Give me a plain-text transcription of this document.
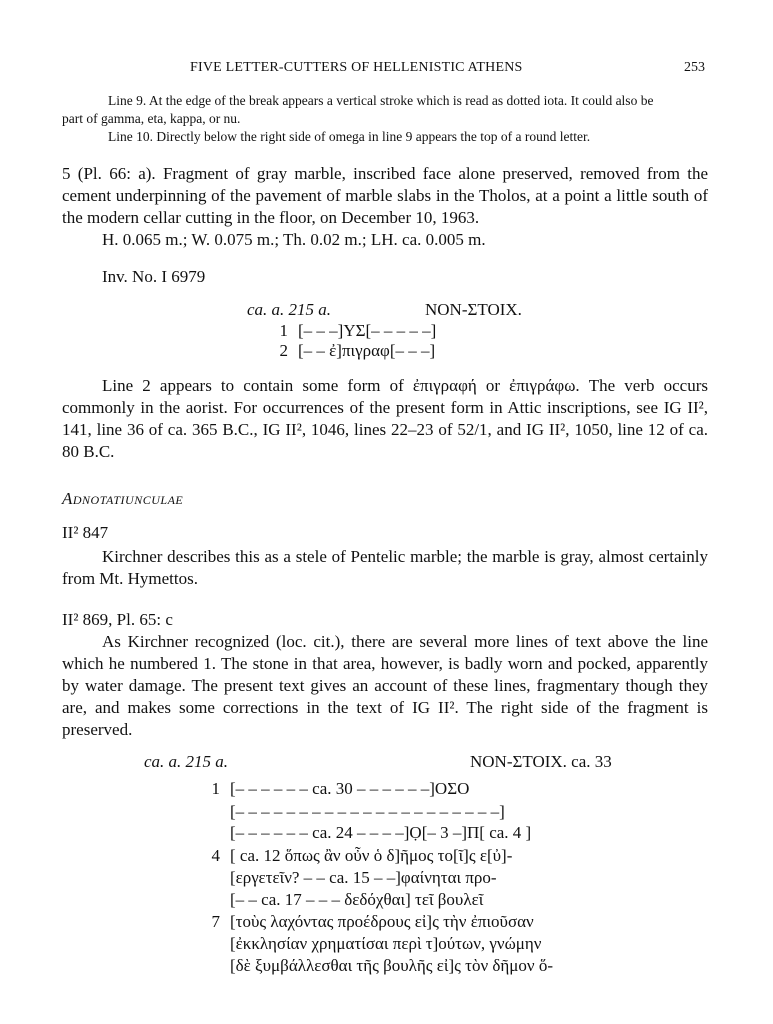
FIVE LETTER-CUTTERS OF HELLENISTIC ATHENS	253
Line 9. At the edge of the break appears a vertical stroke which is read as dotted iota. It could also be
part of gamma, eta, kappa, or nu.
Line 10. Directly below the right side of omega in line 9 appears the top of a round letter.
5 (Pl. 66: a). Fragment of gray marble, inscribed face alone preserved, removed from the cement underpinning of the pavement of marble slabs in the Tholos, at a point a little south of the modern cellar cutting in the floor, on December 10, 1963.
H. 0.065 m.; W. 0.075 m.; Th. 0.02 m.; LH. ca. 0.005 m.
Inv. No. I 6979
ca. a. 215 a.	NON-ΣΤΟΙΧ.
1 [– – –]ΥΣ[– – – – –]
2 [– – ἐ]πιγραφ[– – –]
Line 2 appears to contain some form of ἐπιγραφή or ἐπιγράφω. The verb occurs commonly in the aorist. For occurrences of the present form in Attic inscriptions, see IG II², 141, line 36 of ca. 365 B.C., IG II², 1046, lines 22–23 of 52/1, and IG II², 1050, line 12 of ca. 80 B.C.
Adnotatiunculae
II² 847
Kirchner describes this as a stele of Pentelic marble; the marble is gray, almost certainly from Mt. Hymettos.
II² 869, Pl. 65: c
As Kirchner recognized (loc. cit.), there are several more lines of text above the line which he numbered 1. The stone in that area, however, is badly worn and pocked, apparently by water damage. The present text gives an account of these lines, fragmentary though they are, and makes some corrections in the text of IG II². The right side of the fragment is preserved.
ca. a. 215 a.	NON-ΣΤΟΙΧ. ca. 33
1 [– – – – – – ca. 30 – – – – – –]ΟΣΟ
[– – – – – – – – – – – – – – – – – – – – –]
[– – – – – – ca. 24 – – – –]Ọ[– 3 –]Π[ ca. 4 ]
4 [ ca. 12 ὅπως ἂν οὖν ὁ δ]ῆμος το[ῖ]ς ε[ὐ]-
[εργετεῖν? – – ca. 15 – –]φαίνηται προ-
[– – ca. 17 – – – δεδόχθαι] τεῖ βουλεῖ
7 [τοὺς λαχόντας προέδρους εἰ]ς τὴν ἐπιοῦσαν
[ἐκκλησίαν χρηματίσαι περὶ τ]ούτων, γνώμην
[δὲ ξυμβάλλεσθαι τῆς βουλῆς εἰ]ς τὸν δῆμον ὅ-
